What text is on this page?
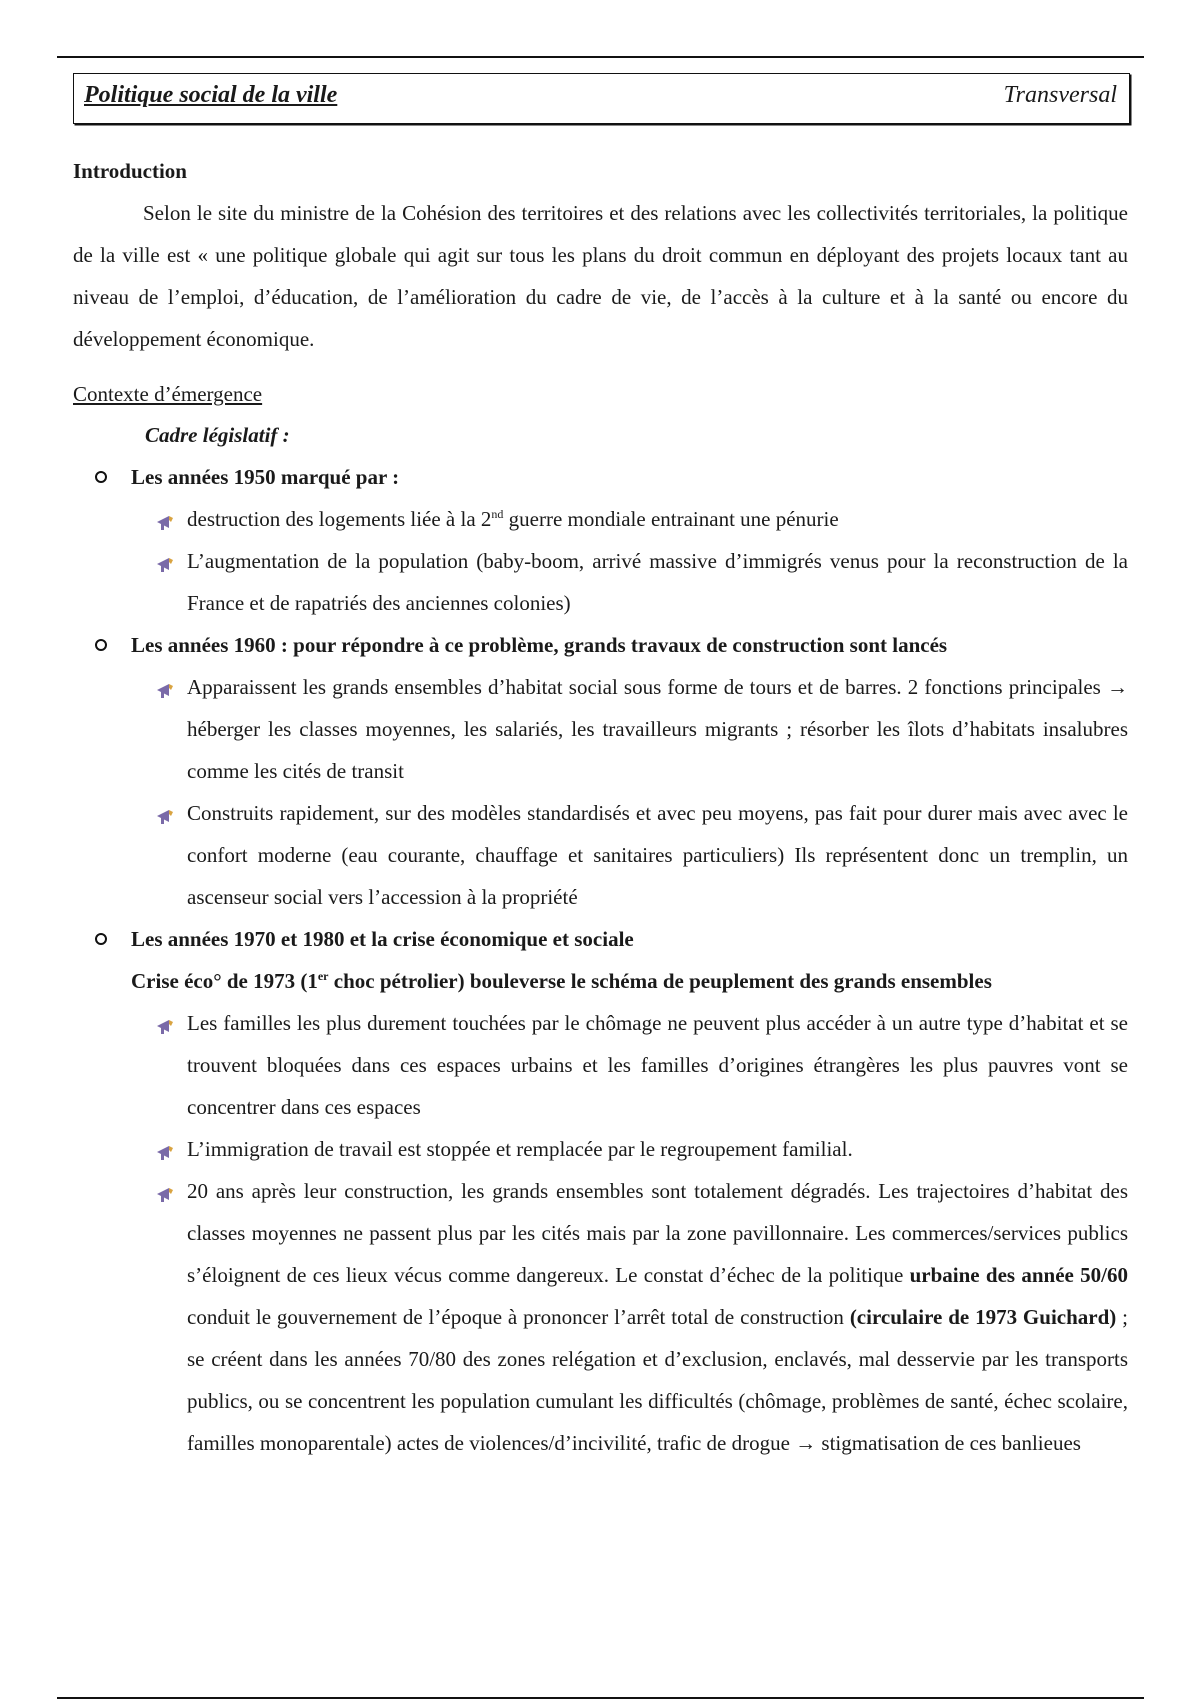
Politique social de la ville	Transversal
Introduction

Selon le site du ministre de la Cohésion des territoires et des relations avec les collectivités territoriales, la politique de la ville est « une politique globale qui agit sur tous les plans du droit commun en déployant des projets locaux tant au niveau de l’emploi, d’éducation, de l’amélioration du cadre de vie, de l’accès à la culture et à la santé ou encore du développement économique.

Contexte d’émergence
Cadre législatif :
Les années 1950 marqué par :
destruction des logements liée à la 2nd guerre mondiale entrainant une pénurie
L’augmentation de la population (baby-boom, arrivé massive d’immigrés venus pour la reconstruction de la France et de rapatriés des anciennes colonies)
Les années 1960 : pour répondre à ce problème, grands travaux de construction sont lancés
Apparaissent les grands ensembles d’habitat social sous forme de tours et de barres. 2 fonctions principales → héberger les classes moyennes, les salariés, les travailleurs migrants ; résorber les îlots d’habitats insalubres comme les cités de transit
Construits rapidement, sur des modèles standardisés et avec peu moyens, pas fait pour durer mais avec avec le confort moderne (eau courante, chauffage et sanitaires particuliers) Ils représentent donc un tremplin, un ascenseur social vers l’accession à la propriété
Les années 1970 et 1980 et la crise économique et sociale
Crise éco° de 1973 (1er choc pétrolier) bouleverse le schéma de peuplement des grands ensembles
Les familles les plus durement touchées par le chômage ne peuvent plus accéder à un autre type d’habitat et se trouvent bloquées dans ces espaces urbains et les familles d’origines étrangères les plus pauvres vont se concentrer dans ces espaces
L’immigration de travail est stoppée et remplacée par le regroupement familial.
20 ans après leur construction, les grands ensembles sont totalement dégradés. Les trajectoires d’habitat des classes moyennes ne passent plus par les cités mais par la zone pavillonnaire. Les commerces/services publics s’éloignent de ces lieux vécus comme dangereux. Le constat d’échec de la politique urbaine des année 50/60 conduit le gouvernement de l’époque à prononcer l’arrêt total de construction (circulaire de 1973 Guichard) ; se créent dans les années 70/80 des zones relégation et d’exclusion, enclavés, mal desservie par les transports publics, ou se concentrent les population cumulant les difficultés (chômage, problèmes de santé, échec scolaire, familles monoparentale) actes de violences/d’incivilité, trafic de drogue → stigmatisation de ces banlieues
